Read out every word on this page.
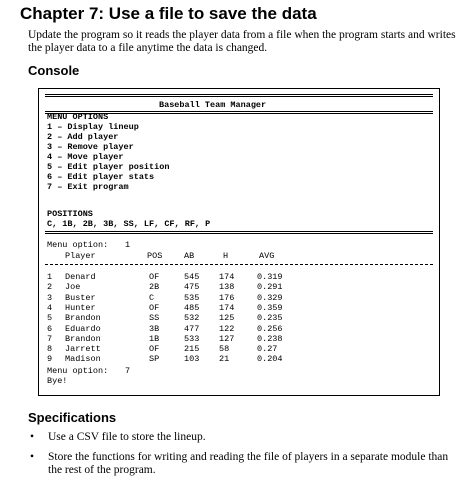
Chapter 7: Use a file to save the data

Update the program so it reads the player data from a file when the program starts and writes the player data to a file anytime the data is changed.

Console
Baseball Team Manager
MENU OPTIONS
1 – Display lineup
2 – Add player
3 – Remove player
4 – Move player
5 – Edit player position
6 – Edit player stats
7 – Exit program
POSITIONS
C, 1B, 2B, 3B, SS, LF, CF, RF, P
Menu option: 1
Player	POS	AB	H	AVG
1 Denard	OF	545 174	0.319
2 Joe	2B	475 138	0.291
3 Buster	C	535 176	0.329
4 Hunter	OF	485 174	0.359
5 Brandon	SS	532 125	0.235
6 Eduardo	3B	477 122	0.256
7 Brandon	1B	533 127	0.238
8 Jarrett	OF	215 58	0.27
9 Madison	SP	103 21	0.204
Menu option: 7
Bye!
Specifications
• Use a CSV file to store the lineup.
• Store the functions for writing and reading the file of players in a separate module than the rest of the program.
